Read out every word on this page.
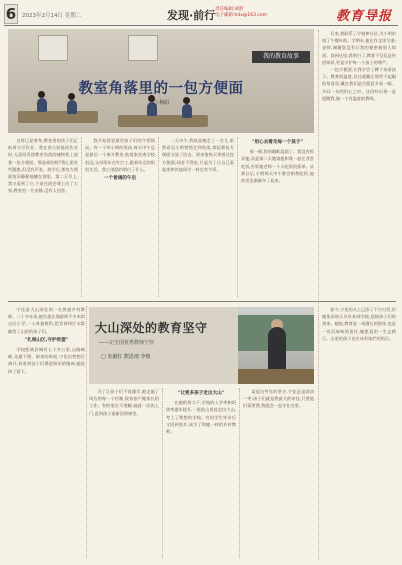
6	2023年2月14日 星期二	发现·前行 责任编辑:胡舒
电子邮箱:hdx@163.com	教育导报
我的教育故事
教室角落里的一包方便面
□ 杨阳

这时已是寒冬,教室里的孩子们正低着头写作业。我在讲台前批改作业时,无意间发现教室角落的储物柜上放着一包方便面。那是谁的呢?我心里有些疑惑,但没有声张。放学后,那包方便面依旧静静地躺在那里。第二天早上,我又看到了它,于是在班会课上问了大家,教室里一片安静,没有人回答。

我开始留意班里孩子们的午饭情况。有一个叫小明的男孩,每天中午总是最后一个离开教室,他说家里离学校很远,父母常年在外打工,跟着年迈的奶奶生活。我心里隐约明白了什么。

一个普通的午后

一天中午,我故意晚走了一会儿,果然看见小明悄悄走到角落,拿起那包方便面又放了回去。原来他每天带着这包方便面,却舍不得吃,只是为了让自己看起来和其他同学一样也有午饭。

"用心去看见每一个孩子"

那一刻,我的眼眶湿润了。我没有拆穿他,而是第二天邀请他和我一起在食堂吃饭,告诉他老师一个人吃饭很孤单。从那以后,小明每天中午都会陪我吃饭,他的话也渐渐多了起来。

后来,我联系了学校和社区,为小明申请了午餐补助。学期末,他在作文里写道:老师,谢谢您没有让我的秘密被别人知道。读到这里,我明白了,教育不仅仅是传授知识,更是守护每一个孩子的尊严。

一包方便面,让我学会了蹲下来看孩子。教育的温度,往往就藏在那些不起眼的角落里,藏在我们是否愿意多看一眼、多问一句的用心之中。这份经历将一直提醒我,做一个有温度的教师。

宁佳是大山深处的一名普通乡村教师。二十多年来,她扎根在海拔两千多米的山区小学,一人身兼数科,把青春和汗水都献给了山里的孩子们。

"扎根山区,守护希望"

学校距离县城有七十多公里,山路崎岖,交通不便。刚来的时候,宁佳也曾想过离开,但看到孩子们渴望知识的眼神,她选择了留下。

大山深处的教育坚守
——记全国优秀教师宁佳
□ 朱毅红 熊思雨 李俊

为了让孩子们不再辍学,她走遍了周边的每一个村寨,挨家挨户做家长的工作。有的家长不理解,她就一次次上门,直到孩子重新回到课堂。

"让更多孩子走出大山"

在她的努力下,学校的入学率和巩固率逐年提升,一批批山里娃走出大山,考上了理想的学校。有的学生毕业后又回到家乡,成为了和她一样的乡村教师。

谈起这些年的坚守,宁佳总是淡淡一笑:孩子们就是我最大的牵挂,只要他们需要我,我就会一直守在这里。

如今,宁佳的头上已添了不少白发,但她依旧每天早早来到学校,迎接孩子们的到来。她说,教育是一场漫长的陪伴,也是一份沉甸甸的责任,她愿意用一生去践行。山里的孩子也应该有灿烂的明天。
